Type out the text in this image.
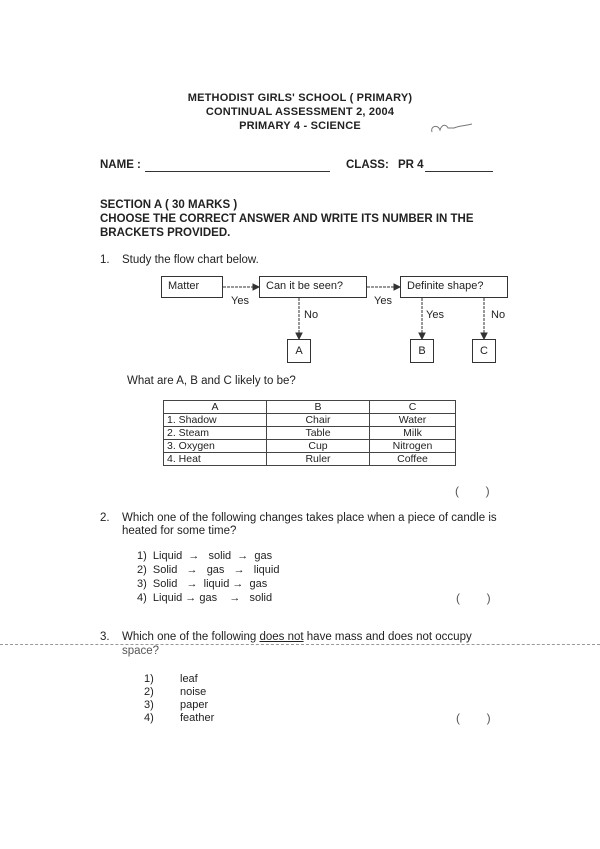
METHODIST GIRLS' SCHOOL ( PRIMARY)
CONTINUAL ASSESSMENT 2, 2004
PRIMARY 4 - SCIENCE
NAME :	CLASS: PR 4
SECTION A ( 30 MARKS )
CHOOSE THE CORRECT ANSWER AND WRITE ITS NUMBER IN THE
BRACKETS PROVIDED.
1. Study the flow chart below.
Matter	Can it be seen?	Definite shape?
A	B	C
Yes	Yes
No	Yes	No
What are A, B and C likely to be?
A	B	C
1. Shadow	Chair	Water
2. Steam	Table	Milk
3. Oxygen	Cup	Nitrogen
4. Heat	Ruler	Coffee
(        )
2. Which one of the following changes takes place when a piece of candle is
heated for some time?
1)  Liquid  →   solid  →  gas
2)  Solid   →   gas   →   liquid
3)  Solid   →  liquid →  gas
4)  Liquid → gas    →   solid	(        )
3. Which one of the following does not have mass and does not occupy
space?
1) leaf
2) noise
3) paper
4) feather	(        )
